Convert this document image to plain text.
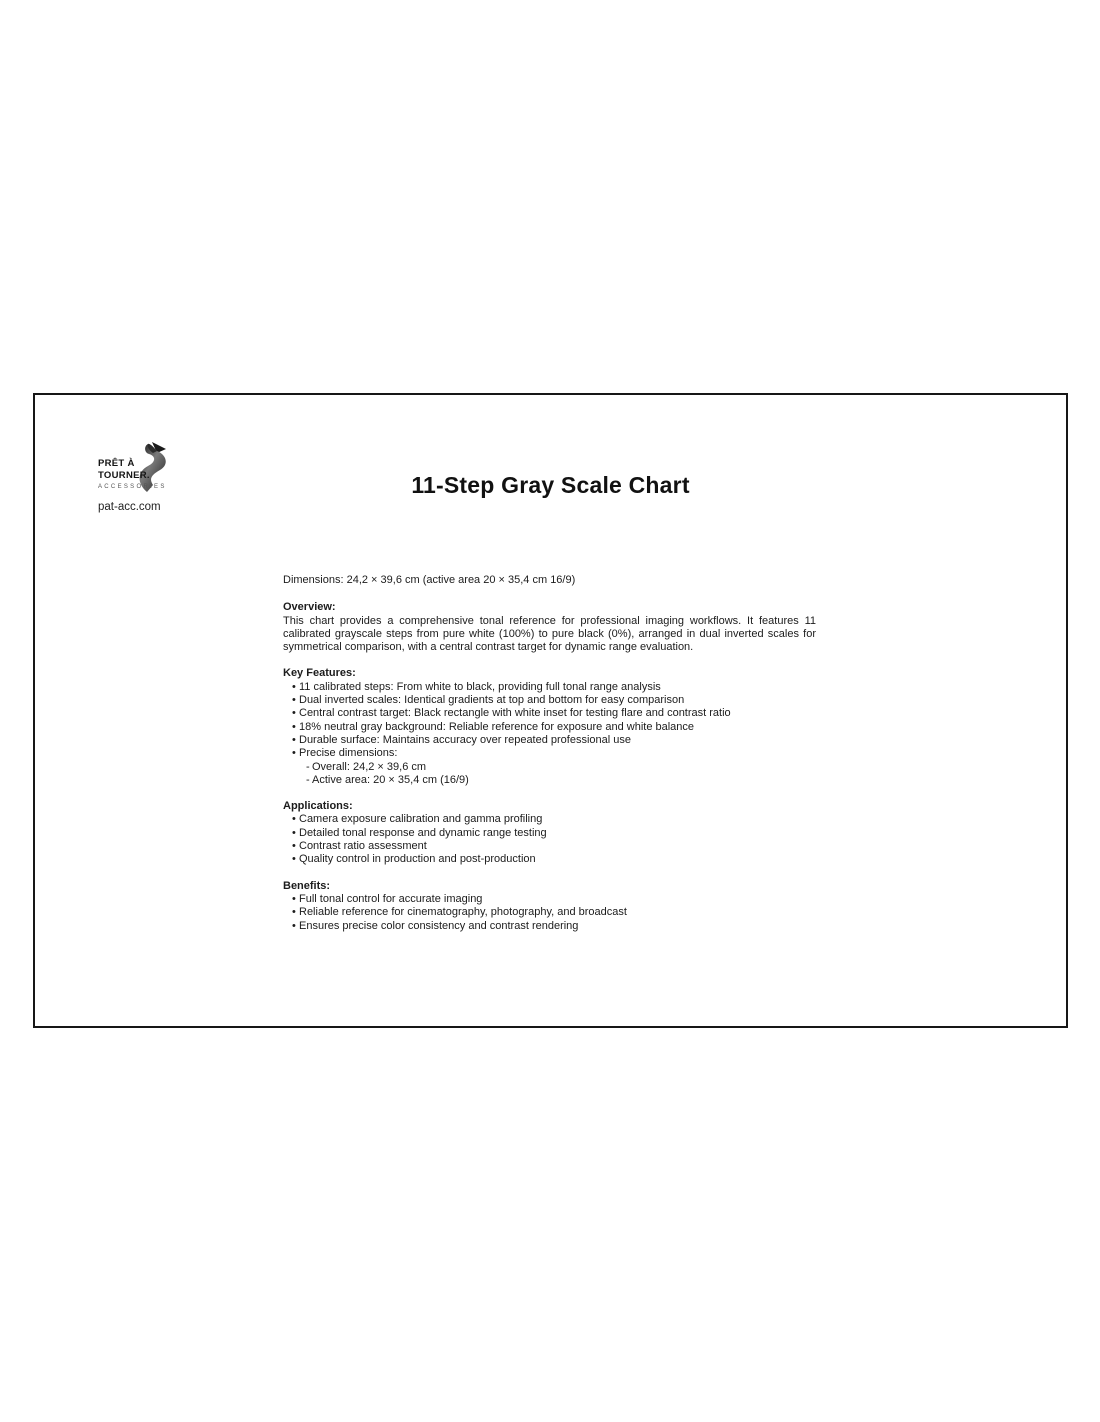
PRÊT À
TOURNER.
ACCESSORIES
pat-acc.com
11-Step Gray Scale Chart
Dimensions: 24,2 × 39,6 cm (active area 20 × 35,4 cm 16/9)
Overview:
This chart provides a comprehensive tonal reference for professional imaging workflows. It features 11 calibrated grayscale steps from pure white (100%) to pure black (0%), arranged in dual inverted scales for symmetrical comparison, with a central contrast target for dynamic range evaluation.
Key Features:
• 11 calibrated steps: From white to black, providing full tonal range analysis
• Dual inverted scales: Identical gradients at top and bottom for easy comparison
• Central contrast target: Black rectangle with white inset for testing flare and contrast ratio
• 18% neutral gray background: Reliable reference for exposure and white balance
• Durable surface: Maintains accuracy over repeated professional use
• Precise dimensions:
- Overall: 24,2 × 39,6 cm
- Active area: 20 × 35,4 cm (16/9)
Applications:
• Camera exposure calibration and gamma profiling
• Detailed tonal response and dynamic range testing
• Contrast ratio assessment
• Quality control in production and post-production
Benefits:
• Full tonal control for accurate imaging
• Reliable reference for cinematography, photography, and broadcast
• Ensures precise color consistency and contrast rendering
